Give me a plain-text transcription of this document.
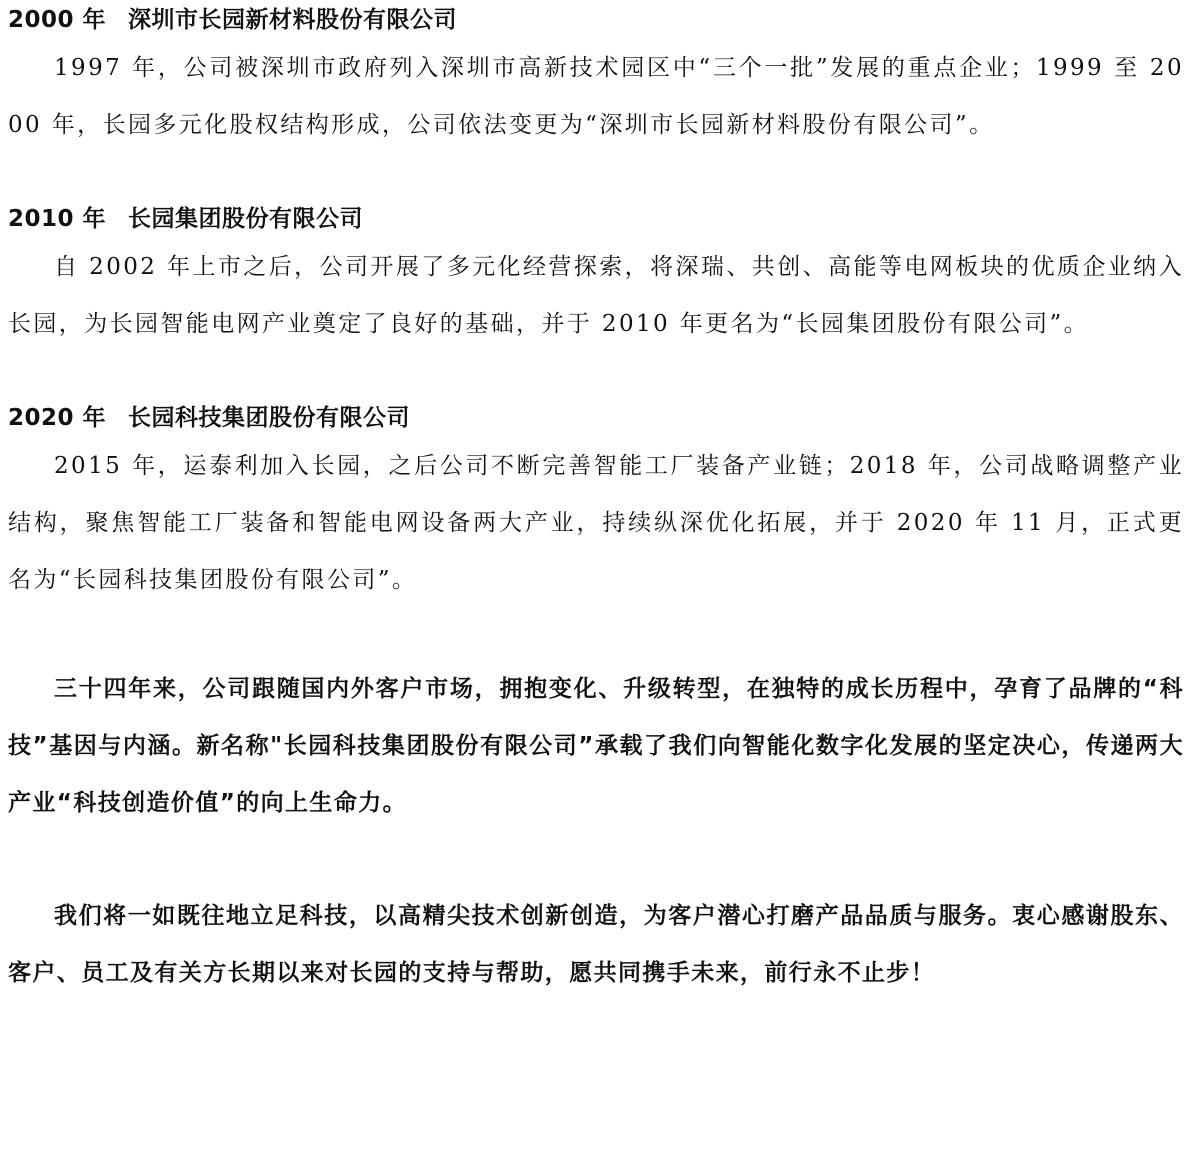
2000 年 深圳市长园新材料股份有限公司
1997 年，公司被深圳市政府列入深圳市高新技术园区中“三个一批”发展的重点企业；1999 至 2000 年，长园多元化股权结构形成，公司依法变更为“深圳市长园新材料股份有限公司”。
2010 年 长园集团股份有限公司
自 2002 年上市之后，公司开展了多元化经营探索，将深瑞、共创、高能等电网板块的优质企业纳入长园，为长园智能电网产业奠定了良好的基础，并于 2010 年更名为“长园集团股份有限公司”。
2020 年 长园科技集团股份有限公司
2015 年，运泰利加入长园，之后公司不断完善智能工厂装备产业链；2018 年，公司战略调整产业结构，聚焦智能工厂装备和智能电网设备两大产业，持续纵深优化拓展，并于 2020 年 11 月，正式更名为“长园科技集团股份有限公司”。
三十四年来，公司跟随国内外客户市场，拥抱变化、升级转型，在独特的成长历程中，孕育了品牌的“科技”基因与内涵。新名称"长园科技集团股份有限公司”承载了我们向智能化数字化发展的坚定决心，传递两大产业“科技创造价值”的向上生命力。
我们将一如既往地立足科技，以高精尖技术创新创造，为客户潜心打磨产品品质与服务。衷心感谢股东、客户、员工及有关方长期以来对长园的支持与帮助，愿共同携手未来，前行永不止步！
